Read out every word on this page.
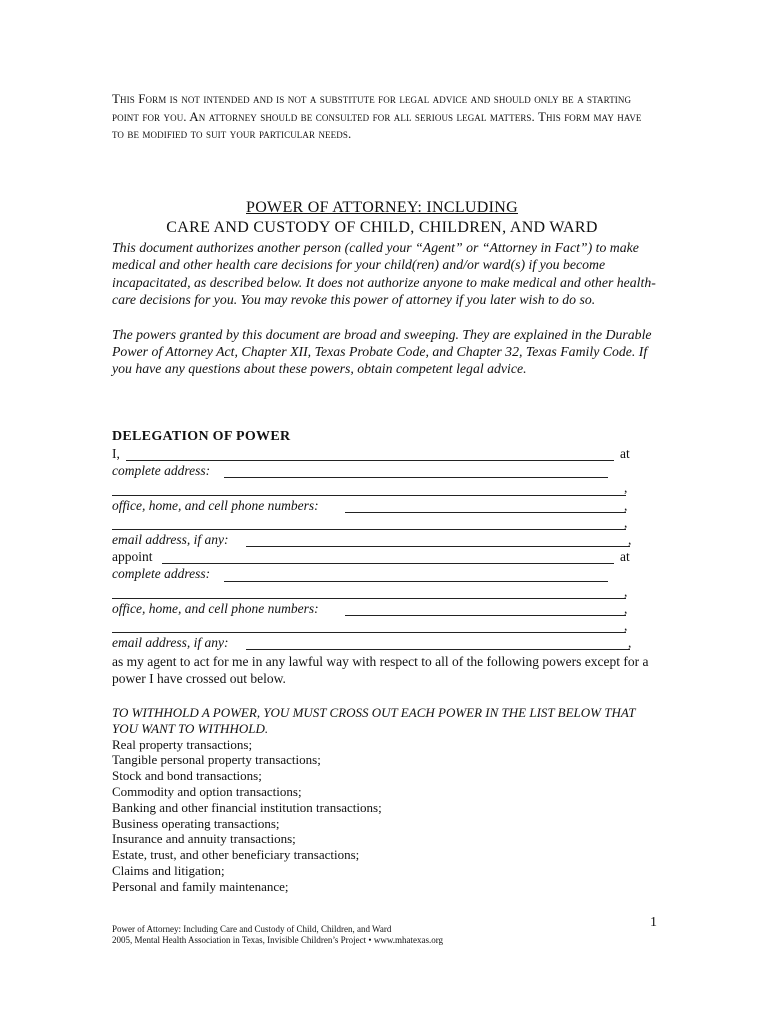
This Form is not intended and is not a substitute for legal advice and should only be a starting point for you. An attorney should be consulted for all serious legal matters. This form may have to be modified to suit your particular needs.
POWER OF ATTORNEY: INCLUDING
CARE AND CUSTODY OF CHILD, CHILDREN, AND WARD

This document authorizes another person (called your “Agent” or “Attorney in Fact”) to make medical and other health care decisions for your child(ren) and/or ward(s) if you become incapacitated, as described below. It does not authorize anyone to make medical and other health-care decisions for you. You may revoke this power of attorney if you later wish to do so.

The powers granted by this document are broad and sweeping. They are explained in the Durable Power of Attorney Act, Chapter XII, Texas Probate Code, and Chapter 32, Texas Family Code. If you have any questions about these powers, obtain competent legal advice.

DELEGATION OF POWER
I,	at
complete address:
,
office, home, and cell phone numbers:	,
,
email address, if any:	,
appoint	at
complete address:
,
office, home, and cell phone numbers:	,
,
email address, if any:	,
as my agent to act for me in any lawful way with respect to all of the following powers except for a power I have crossed out below.
TO WITHHOLD A POWER, YOU MUST CROSS OUT EACH POWER IN THE LIST BELOW THAT YOU WANT TO WITHHOLD.
Real property transactions;
Tangible personal property transactions;
Stock and bond transactions;
Commodity and option transactions;
Banking and other financial institution transactions;
Business operating transactions;
Insurance and annuity transactions;
Estate, trust, and other beneficiary transactions;
Claims and litigation;
Personal and family maintenance;
1
Power of Attorney: Including Care and Custody of Child, Children, and Ward
2005, Mental Health Association in Texas, Invisible Children’s Project • www.mhatexas.org
